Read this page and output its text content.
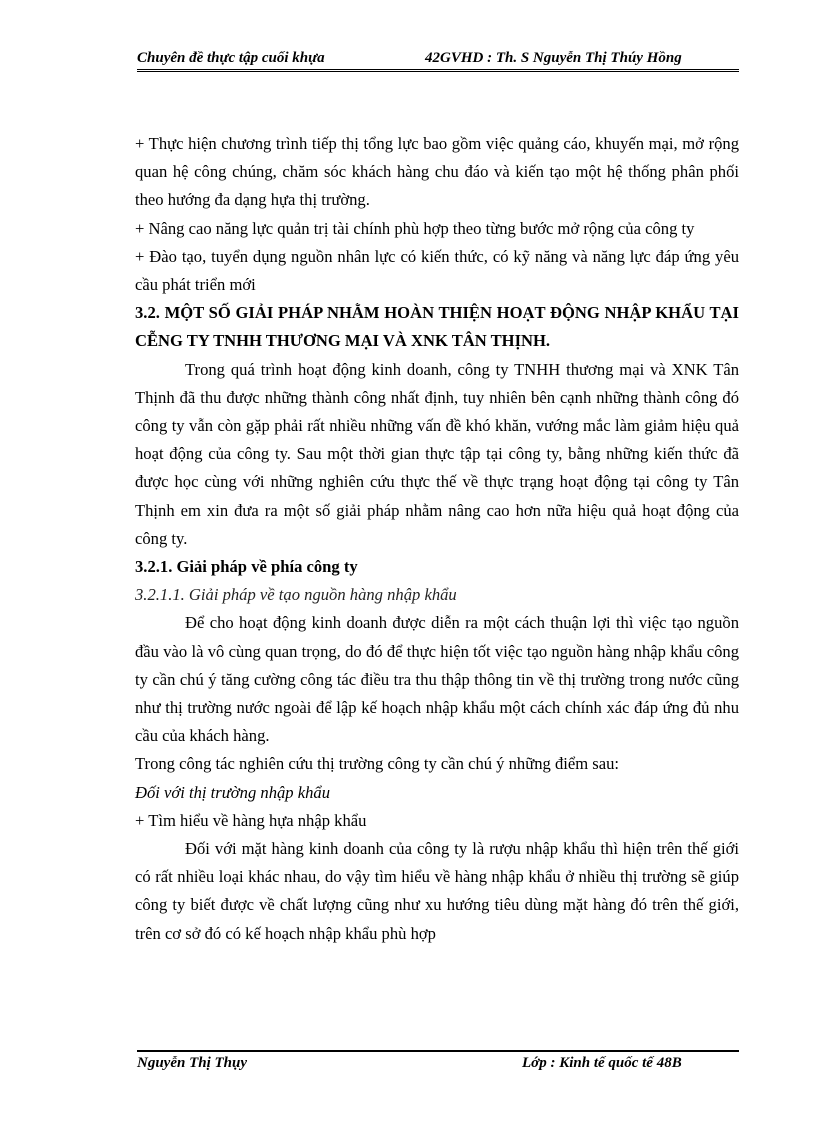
Chuyên đề thực tập cuối khựa	42GVHD : Th. S Nguyễn Thị Thúy Hồng

+ Thực hiện chương trình tiếp thị tổng lực bao gồm việc quảng cáo, khuyến mại, mở rộng quan hệ công chúng, chăm sóc khách hàng chu đáo và kiến tạo một hệ thống phân phối theo hướng đa dạng hựa thị trường.

+ Nâng cao năng lực quản trị tài chính phù hợp theo từng bước mở rộng của công ty

+ Đào tạo, tuyển dụng nguồn nhân lực có kiến thức, có kỹ năng và năng lực đáp ứng yêu cầu phát triển mới

3.2. MỘT SỐ GIẢI PHÁP NHẰM HOÀN THIỆN HOẠT ĐỘNG NHẬP KHẨU TẠI CỄNG TY TNHH THƯƠNG MẠI VÀ XNK TÂN THỊNH.

Trong quá trình hoạt động kinh doanh, công ty TNHH thương mại và XNK Tân Thịnh đã thu được những thành công nhất định, tuy nhiên bên cạnh những thành công đó công ty vẫn còn gặp phải rất nhiều những vấn đề khó khăn, vướng mắc làm giảm hiệu quả hoạt động của công ty. Sau một thời gian thực tập tại công ty, bằng những kiến thức đã được học cùng với những nghiên cứu thực thế về thực trạng hoạt động tại công ty Tân Thịnh em xin đưa ra một số giải pháp nhằm nâng cao hơn nữa hiệu quả hoạt động của công ty.

3.2.1. Giải pháp về phía công ty

3.2.1.1. Giải pháp về tạo nguồn hàng nhập khẩu

Để cho hoạt động kinh doanh được diễn ra một cách thuận lợi thì việc tạo nguồn đầu vào là vô cùng quan trọng, do đó để thực hiện tốt việc tạo nguồn hàng nhập khẩu công ty cần chú ý tăng cường công tác điều tra thu thập thông tin về thị trường trong nước cũng như thị trường nước ngoài để lập kế hoạch nhập khẩu một cách chính xác đáp ứng đủ nhu cầu của khách hàng.

Trong công tác nghiên cứu thị trường công ty cần chú ý những điểm sau:

Đối với thị trường nhập khẩu

+ Tìm hiểu về hàng hựa nhập khẩu

Đối với mặt hàng kinh doanh của công ty là rượu nhập khẩu thì hiện trên thế giới có rất nhiều loại khác nhau, do vậy tìm hiểu về hàng nhập khẩu ở nhiều thị trường sẽ giúp công ty biết được về chất lượng cũng như xu hướng tiêu dùng mặt hàng đó trên thế giới, trên cơ sở đó có kế hoạch nhập khẩu phù hợp

Nguyễn Thị Thụy	Lớp : Kinh tế quốc tế 48B
